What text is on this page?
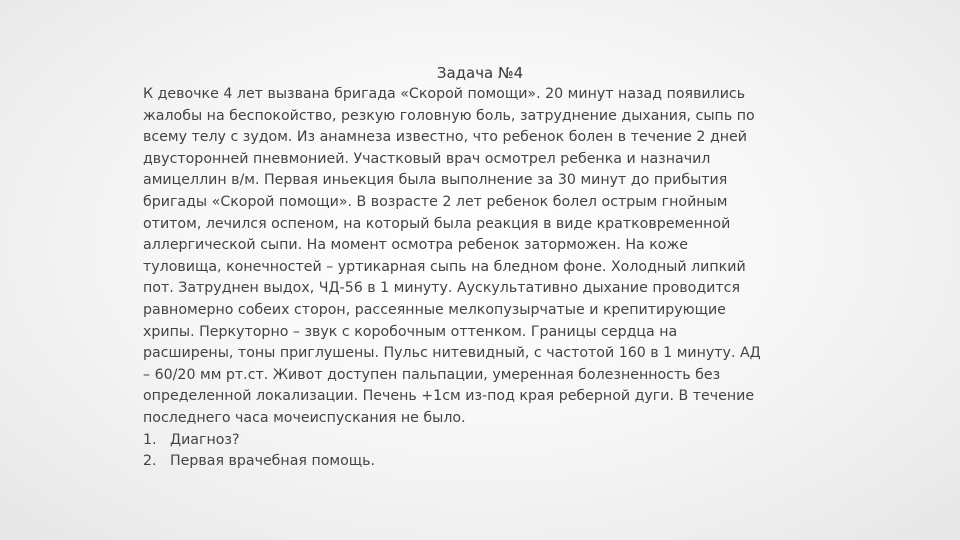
Задача №4
К девочке 4 лет вызвана бригада «Скорой помощи». 20 минут назад появились
жалобы на беспокойство, резкую головную боль, затруднение дыхания, сыпь по
всему телу с зудом. Из анамнеза известно, что ребенок болен в течение 2 дней
двусторонней пневмонией. Участковый врач осмотрел ребенка и назначил
амицеллин в/м. Первая иньекция была выполнение за 30 минут до прибытия
бригады «Скорой помощи». В возрасте 2 лет ребенок болел острым гнойным
отитом, лечился оспеном, на который была реакция в виде кратковременной
аллергической сыпи. На момент осмотра ребенок заторможен. На коже
туловища, конечностей – уртикарная сыпь на бледном фоне. Холодный липкий
пот. Затруднен выдох, ЧД-56 в 1 минуту. Аускультативно дыхание проводится
равномерно собеих сторон, рассеянные мелкопузырчатые и крепитирующие
хрипы. Перкуторно – звук с коробочным оттенком. Границы сердца на
расширены, тоны приглушены. Пульс нитевидный, с частотой 160 в 1 минуту. АД
– 60/20 мм рт.ст. Живот доступен пальпации, умеренная болезненность без
определенной локализации. Печень +1см из-под края реберной дуги. В течение
последнего часа мочеиспускания не было.
1. Диагноз?
2. Первая врачебная помощь.
